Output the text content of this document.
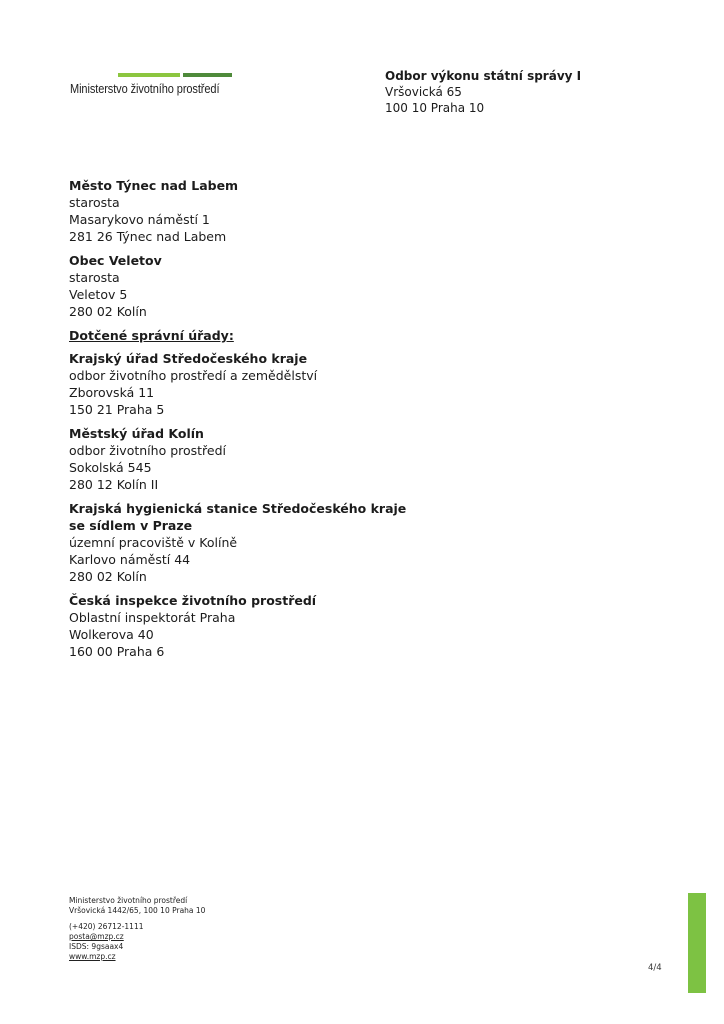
Ministerstvo životního prostředí
Odbor výkonu státní správy I
Vršovická 65
100 10 Praha 10
Město Týnec nad Labem
starosta
Masarykovo náměstí 1
281 26 Týnec nad Labem
Obec Veletov
starosta
Veletov 5
280 02 Kolín
Dotčené správní úřady:
Krajský úřad Středočeského kraje
odbor životního prostředí a zemědělství
Zborovská 11
150 21 Praha 5
Městský úřad Kolín
odbor životního prostředí
Sokolská 545
280 12 Kolín II
Krajská hygienická stanice Středočeského kraje
se sídlem v Praze
územní pracoviště v Kolíně
Karlovo náměstí 44
280 02 Kolín
Česká inspekce životního prostředí
Oblastní inspektorát Praha
Wolkerova 40
160 00 Praha 6
Ministerstvo životního prostředí
Vršovická 1442/65, 100 10 Praha 10
(+420) 26712-1111
posta@mzp.cz
ISDS: 9gsaax4
www.mzp.cz
4/4
